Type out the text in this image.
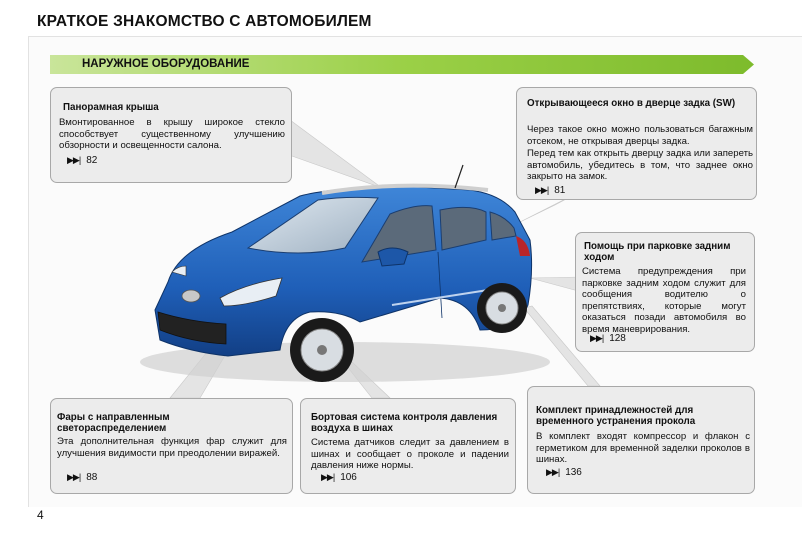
КРАТКОЕ ЗНАКОМСТВО С АВТОМОБИЛЕМ
НАРУЖНОЕ ОБОРУДОВАНИЕ
Панорамная крыша

Вмонтированное в крышу широкое стекло способствует существенному улучшению обзорности и освещенности салона.

▶▶| 82
Открывающееся окно в дверце задка (SW)

Через такое окно можно пользоваться багажным отсеком, не открывая дверцы задка.

Перед тем как открыть дверцу задка или запереть автомобиль, убедитесь в том, что заднее окно закрыто на замок.

▶▶| 81
Помощь при парковке задним ходом

Система предупреждения при парковке задним ходом служит для сообщения водителю о препятствиях, которые могут оказаться позади автомобиля во время маневрирования.

▶▶| 128
Фары с направленным светораспределением

Эта дополнительная функция фар служит для улучшения видимости при преодолении виражей.

▶▶| 88
Бортовая система контроля давления воздуха в шинах

Система датчиков следит за давлением в шинах и сообщает о проколе и падении давления ниже нормы.

▶▶| 106
Комплект принадлежностей для временного устранения прокола

В комплект входят компрессор и флакон с герметиком для временной заделки проколов в шинах.

▶▶| 136
4
